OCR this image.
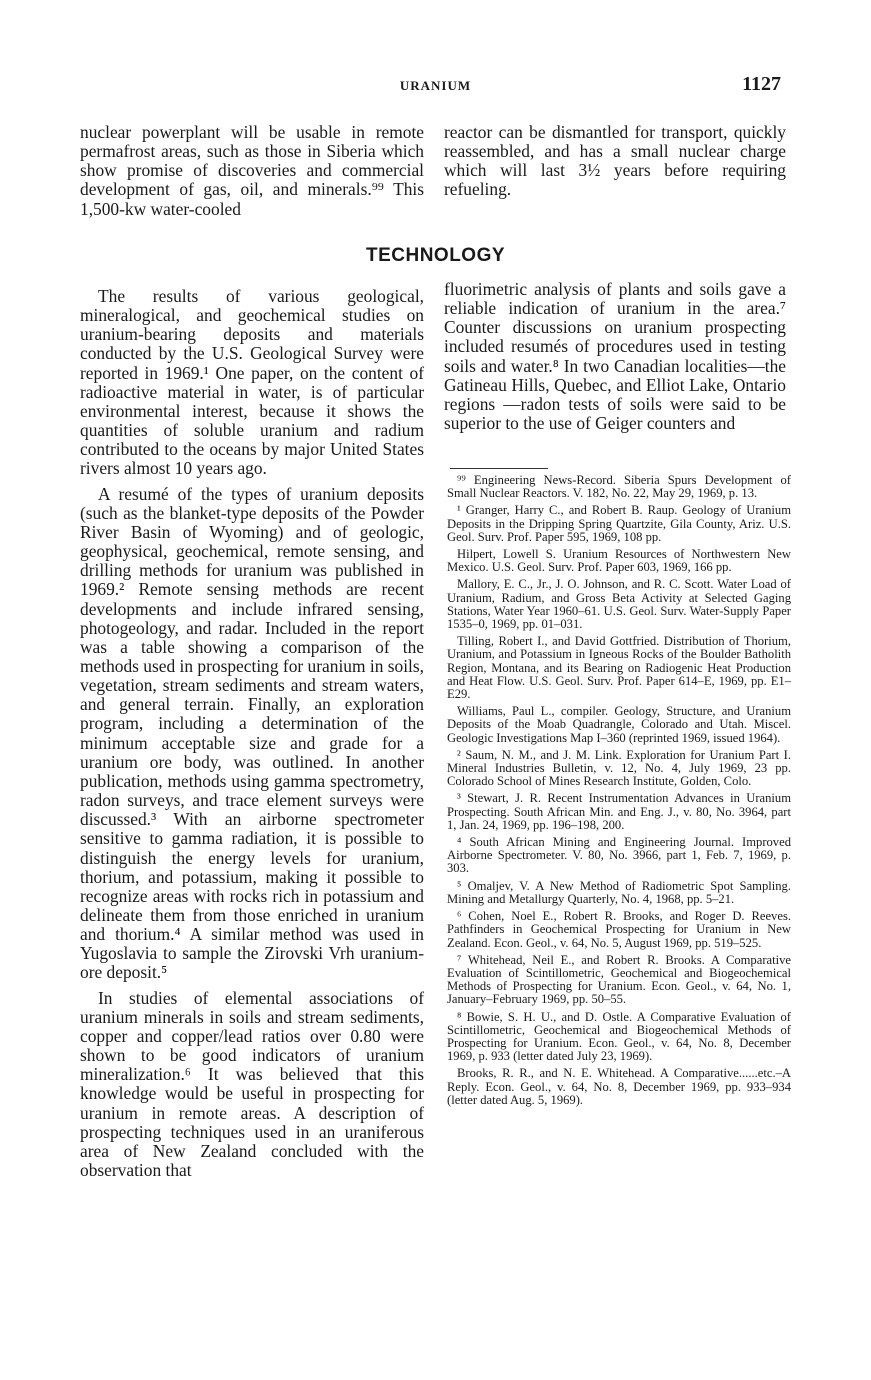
URANIUM	1127

nuclear powerplant will be usable in remote permafrost areas, such as those in Siberia which show promise of discoveries and commercial development of gas, oil, and minerals.⁹⁹ This 1,500-kw water-cooled

reactor can be dismantled for transport, quickly reassembled, and has a small nuclear charge which will last 3½ years before requiring refueling.

TECHNOLOGY

The results of various geological, mineralogical, and geochemical studies on uranium-bearing deposits and materials conducted by the U.S. Geological Survey were reported in 1969.¹ One paper, on the content of radioactive material in water, is of particular environmental interest, because it shows the quantities of soluble uranium and radium contributed to the oceans by major United States rivers almost 10 years ago.

A resumé of the types of uranium deposits (such as the blanket-type deposits of the Powder River Basin of Wyoming) and of geologic, geophysical, geochemical, remote sensing, and drilling methods for uranium was published in 1969.² Remote sensing methods are recent developments and include infrared sensing, photogeology, and radar. Included in the report was a table showing a comparison of the methods used in prospecting for uranium in soils, vegetation, stream sediments and stream waters, and general terrain. Finally, an exploration program, including a determination of the minimum acceptable size and grade for a uranium ore body, was outlined. In another publication, methods using gamma spectrometry, radon surveys, and trace element surveys were discussed.³ With an airborne spectrometer sensitive to gamma radiation, it is possible to distinguish the energy levels for uranium, thorium, and potassium, making it possible to recognize areas with rocks rich in potassium and delineate them from those enriched in uranium and thorium.⁴ A similar method was used in Yugoslavia to sample the Zirovski Vrh uranium-ore deposit.⁵

In studies of elemental associations of uranium minerals in soils and stream sediments, copper and copper/lead ratios over 0.80 were shown to be good indicators of uranium mineralization.⁶ It was believed that this knowledge would be useful in prospecting for uranium in remote areas. A description of prospecting techniques used in an uraniferous area of New Zealand concluded with the observation that

fluorimetric analysis of plants and soils gave a reliable indication of uranium in the area.⁷ Counter discussions on uranium prospecting included resumés of procedures used in testing soils and water.⁸ In two Canadian localities—the Gatineau Hills, Quebec, and Elliot Lake, Ontario regions —radon tests of soils were said to be superior to the use of Geiger counters and

⁹⁹ Engineering News-Record. Siberia Spurs Development of Small Nuclear Reactors. V. 182, No. 22, May 29, 1969, p. 13.

¹ Granger, Harry C., and Robert B. Raup. Geology of Uranium Deposits in the Dripping Spring Quartzite, Gila County, Ariz. U.S. Geol. Surv. Prof. Paper 595, 1969, 108 pp.

Hilpert, Lowell S. Uranium Resources of Northwestern New Mexico. U.S. Geol. Surv. Prof. Paper 603, 1969, 166 pp.

Mallory, E. C., Jr., J. O. Johnson, and R. C. Scott. Water Load of Uranium, Radium, and Gross Beta Activity at Selected Gaging Stations, Water Year 1960–61. U.S. Geol. Surv. Water-Supply Paper 1535–0, 1969, pp. 01–031.

Tilling, Robert I., and David Gottfried. Distribution of Thorium, Uranium, and Potassium in Igneous Rocks of the Boulder Batholith Region, Montana, and its Bearing on Radiogenic Heat Production and Heat Flow. U.S. Geol. Surv. Prof. Paper 614–E, 1969, pp. E1–E29.

Williams, Paul L., compiler. Geology, Structure, and Uranium Deposits of the Moab Quadrangle, Colorado and Utah. Miscel. Geologic Investigations Map I–360 (reprinted 1969, issued 1964).

² Saum, N. M., and J. M. Link. Exploration for Uranium Part I. Mineral Industries Bulletin, v. 12, No. 4, July 1969, 23 pp. Colorado School of Mines Research Institute, Golden, Colo.

³ Stewart, J. R. Recent Instrumentation Advances in Uranium Prospecting. South African Min. and Eng. J., v. 80, No. 3964, part 1, Jan. 24, 1969, pp. 196–198, 200.

⁴ South African Mining and Engineering Journal. Improved Airborne Spectrometer. V. 80, No. 3966, part 1, Feb. 7, 1969, p. 303.

⁵ Omaljev, V. A New Method of Radiometric Spot Sampling. Mining and Metallurgy Quarterly, No. 4, 1968, pp. 5–21.

⁶ Cohen, Noel E., Robert R. Brooks, and Roger D. Reeves. Pathfinders in Geochemical Prospecting for Uranium in New Zealand. Econ. Geol., v. 64, No. 5, August 1969, pp. 519–525.

⁷ Whitehead, Neil E., and Robert R. Brooks. A Comparative Evaluation of Scintillometric, Geochemical and Biogeochemical Methods of Prospecting for Uranium. Econ. Geol., v. 64, No. 1, January–February 1969, pp. 50–55.

⁸ Bowie, S. H. U., and D. Ostle. A Comparative Evaluation of Scintillometric, Geochemical and Biogeochemical Methods of Prospecting for Uranium. Econ. Geol., v. 64, No. 8, December 1969, p. 933 (letter dated July 23, 1969).

Brooks, R. R., and N. E. Whitehead. A Comparative......etc.–A Reply. Econ. Geol., v. 64, No. 8, December 1969, pp. 933–934 (letter dated Aug. 5, 1969).
